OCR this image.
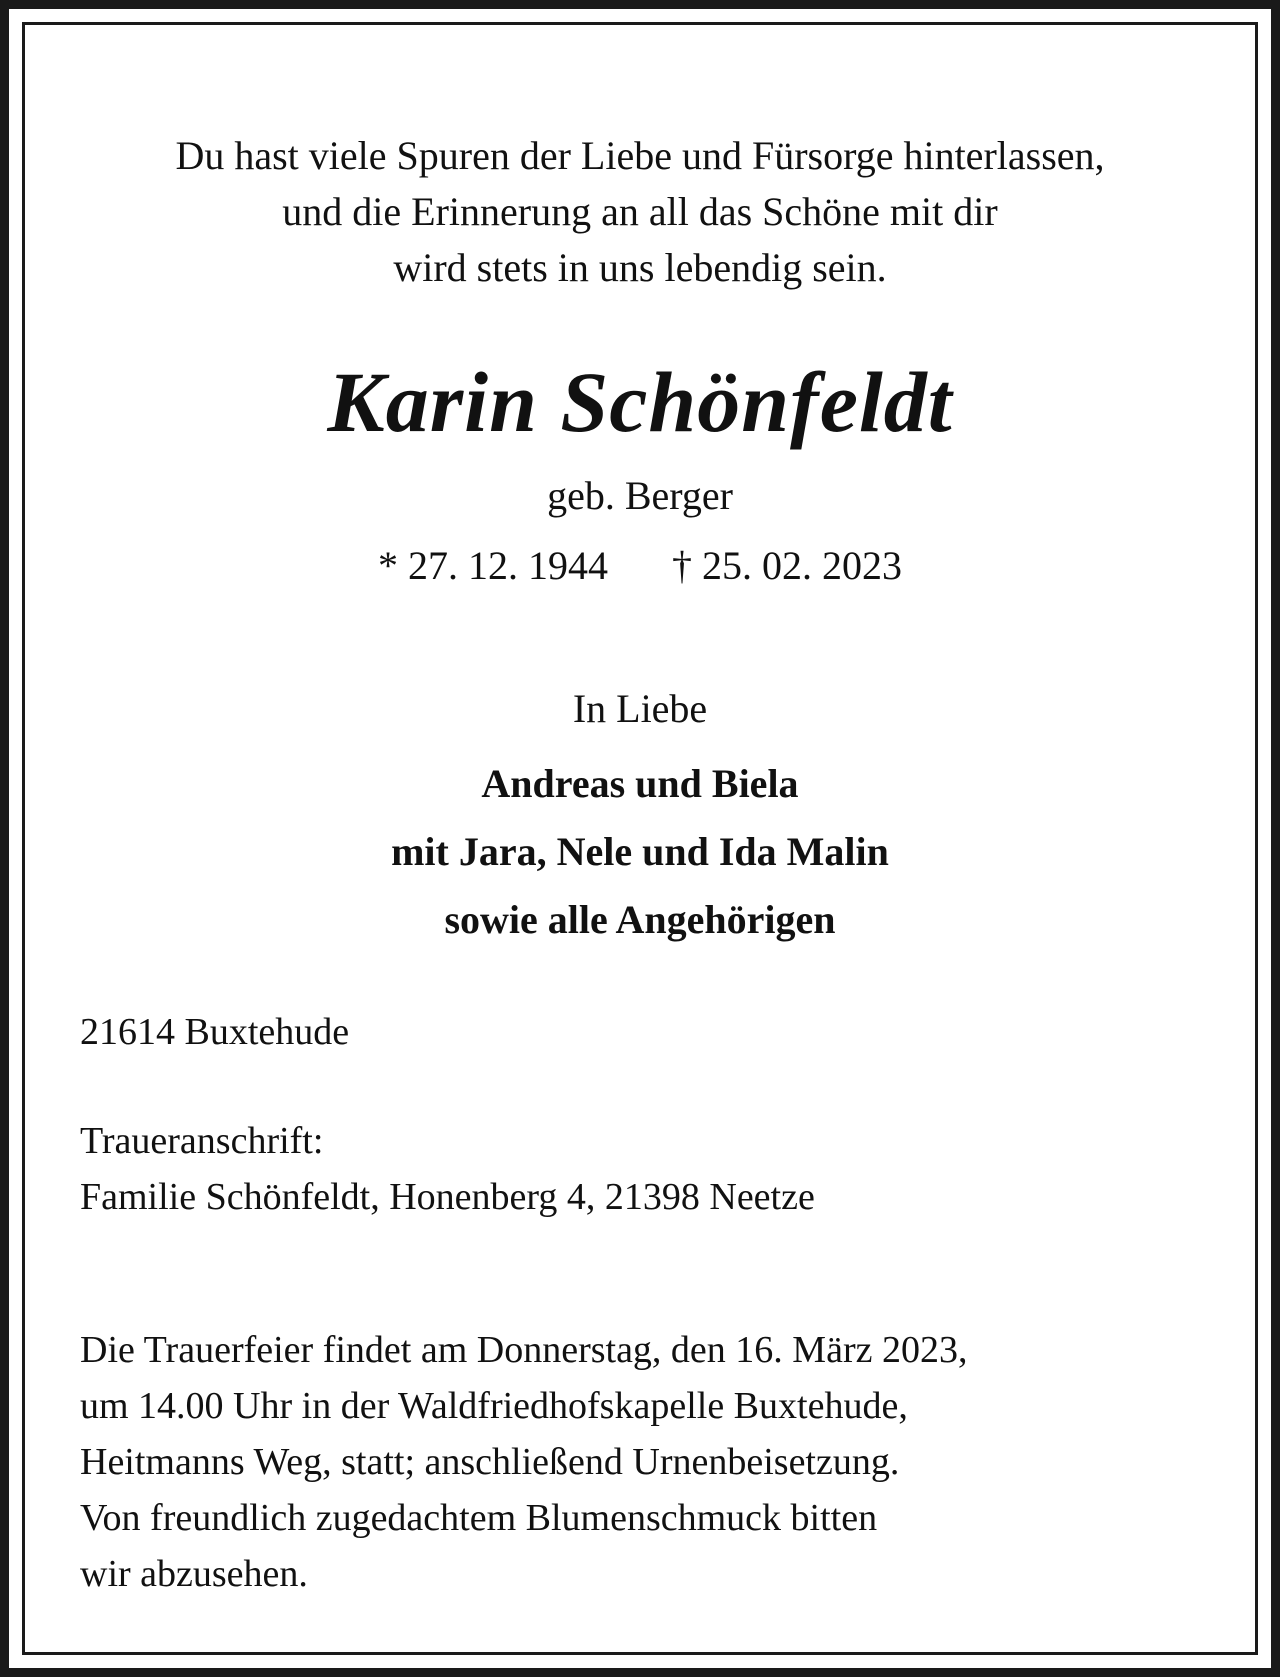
Du hast viele Spuren der Liebe und Fürsorge hinterlassen,
und die Erinnerung an all das Schöne mit dir
wird stets in uns lebendig sein.
Karin Schönfeldt
geb. Berger
* 27. 12. 1944 † 25. 02. 2023
In Liebe
Andreas und Biela
mit Jara, Nele und Ida Malin
sowie alle Angehörigen
21614 Buxtehude
Traueranschrift:
Familie Schönfeldt, Honenberg 4, 21398 Neetze
Die Trauerfeier findet am Donnerstag, den 16. März 2023,
um 14.00 Uhr in der Waldfriedhofskapelle Buxtehude,
Heitmanns Weg, statt; anschließend Urnenbeisetzung.
Von freundlich zugedachtem Blumenschmuck bitten
wir abzusehen.
